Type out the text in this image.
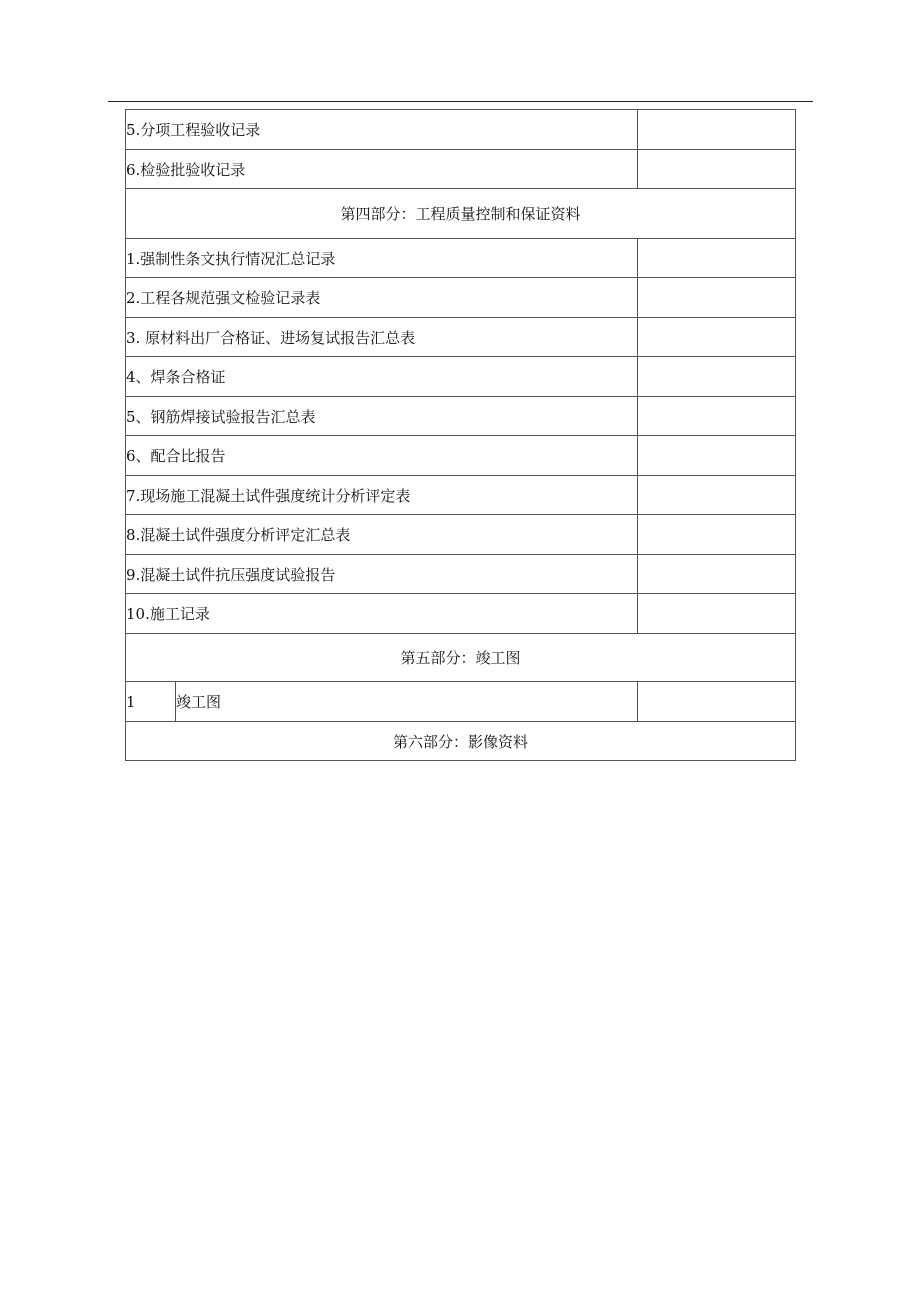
5.分项工程验收记录		
6.检验批验收记录		
第四部分：工程质量控制和保证资料		
1.强制性条文执行情况汇总记录		
2.工程各规范强文检验记录表		
3. 原材料出厂合格证、进场复试报告汇总表		
4、焊条合格证		
5、钢筋焊接试验报告汇总表		
6、配合比报告		
7.现场施工混凝土试件强度统计分析评定表		
8.混凝土试件强度分析评定汇总表		
9.混凝土试件抗压强度试验报告		
10.施工记录		
第五部分：竣工图		
1	竣工图	
第六部分：影像资料		
